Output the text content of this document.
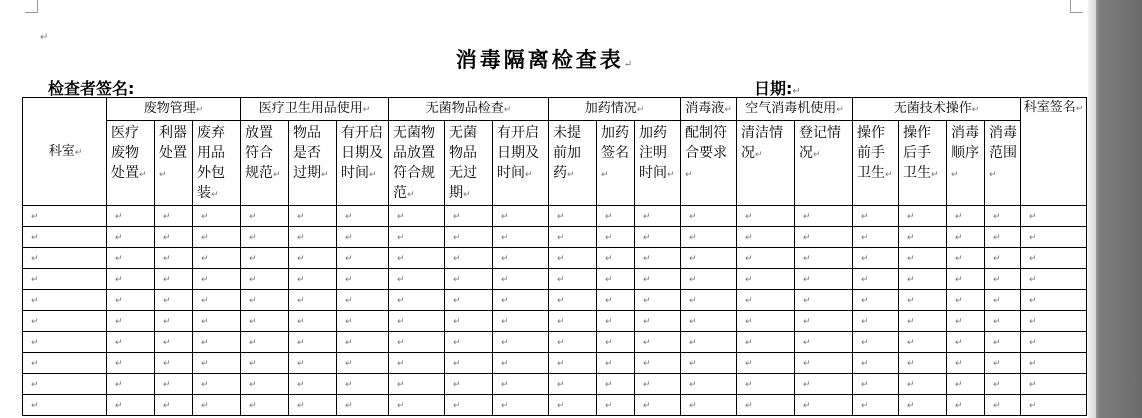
↵
消毒隔离检查表↵
检查者签名:	日期:↵
科室↵	废物管理↵			医疗卫生用品使用↵			无菌物品检查↵			加药情况↵			消毒液↵	空气消毒机使用↵		无菌技术操作↵				科室签名↵
	医疗废物处置↵	利器处置↵	废弃用品外包装↵	放置符合规范↵	物品是否过期↵	有开启日期及时间↵	无菌物品放置符合规范↵	无菌物品无过期↵	有开启日期及时间↵	未提前加药↵	加药签名↵	加药注明时间↵	配制符合要求↵	清洁情况↵	登记情况↵	操作前手卫生↵	操作后手卫生↵	消毒顺序↵	消毒范围↵	
↵	↵	↵	↵	↵	↵	↵	↵	↵	↵	↵	↵	↵	↵	↵	↵	↵	↵	↵	↵	↵
↵	↵	↵	↵	↵	↵	↵	↵	↵	↵	↵	↵	↵	↵	↵	↵	↵	↵	↵	↵	↵
↵	↵	↵	↵	↵	↵	↵	↵	↵	↵	↵	↵	↵	↵	↵	↵	↵	↵	↵	↵	↵
↵	↵	↵	↵	↵	↵	↵	↵	↵	↵	↵	↵	↵	↵	↵	↵	↵	↵	↵	↵	↵
↵	↵	↵	↵	↵	↵	↵	↵	↵	↵	↵	↵	↵	↵	↵	↵	↵	↵	↵	↵	↵
↵	↵	↵	↵	↵	↵	↵	↵	↵	↵	↵	↵	↵	↵	↵	↵	↵	↵	↵	↵	↵
↵	↵	↵	↵	↵	↵	↵	↵	↵	↵	↵	↵	↵	↵	↵	↵	↵	↵	↵	↵	↵
↵	↵	↵	↵	↵	↵	↵	↵	↵	↵	↵	↵	↵	↵	↵	↵	↵	↵	↵	↵	↵
↵	↵	↵	↵	↵	↵	↵	↵	↵	↵	↵	↵	↵	↵	↵	↵	↵	↵	↵	↵	↵
↵	↵	↵	↵	↵	↵	↵	↵	↵	↵	↵	↵	↵	↵	↵	↵	↵	↵	↵	↵	↵
